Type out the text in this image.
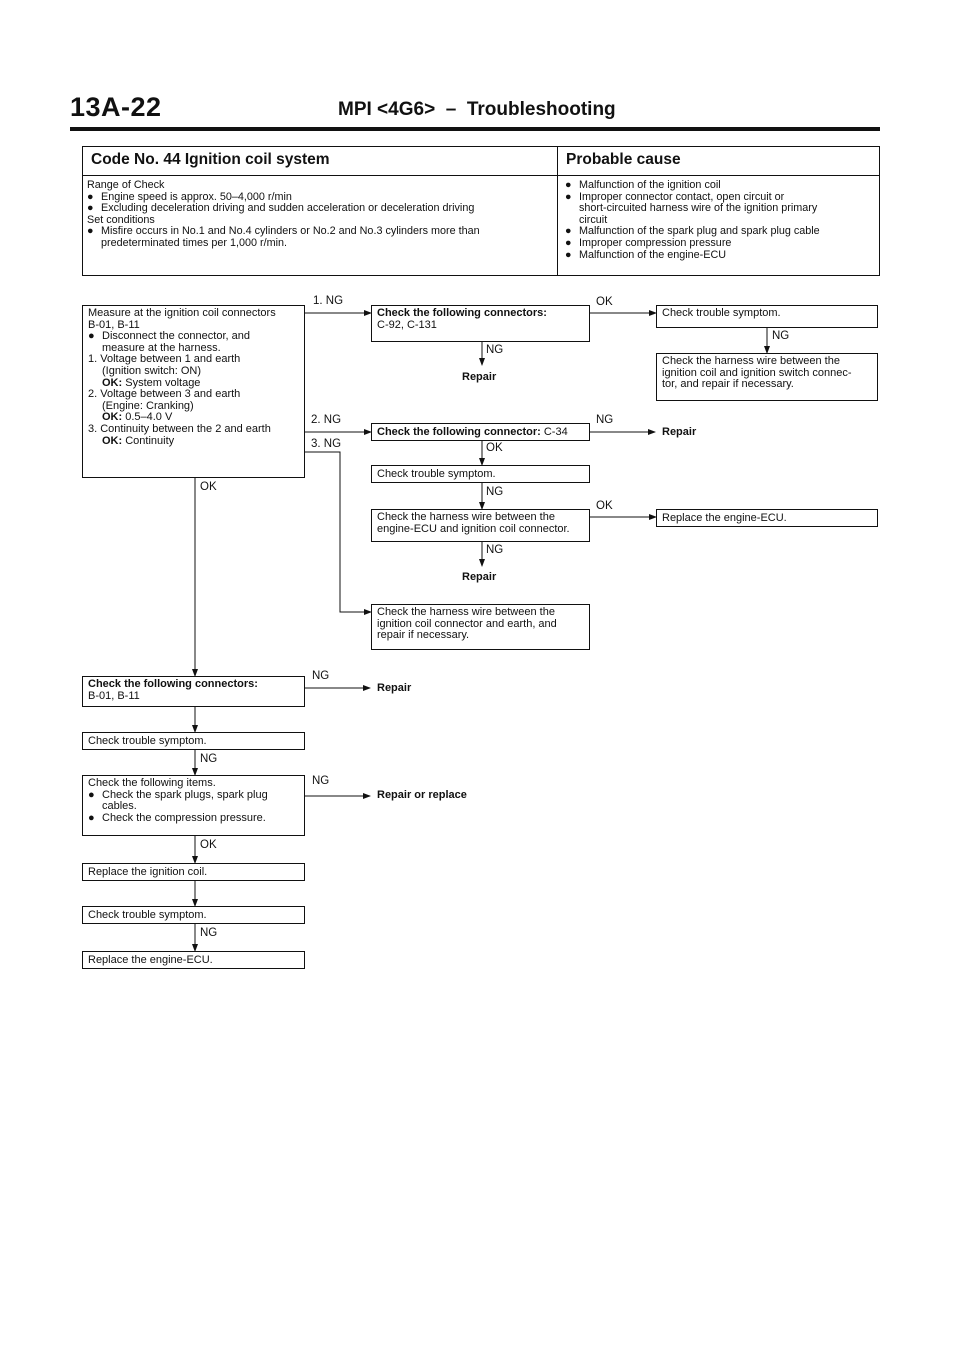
13A-22	MPI <4G6>  –  Troubleshooting
Code No. 44 Ignition coil system	Probable cause
Range of Check
● Engine speed is approx. 50–4,000 r/min
● Excluding deceleration driving and sudden acceleration or deceleration driving
Set conditions
● Misfire occurs in No.1 and No.4 cylinders or No.2 and No.3 cylinders more than
predeterminated times per 1,000 r/min.
● Malfunction of the ignition coil
● Improper connector contact, open circuit or
short-circuited harness wire of the ignition primary
circuit
● Malfunction of the spark plug and spark plug cable
● Improper compression pressure
● Malfunction of the engine-ECU
Measure at the ignition coil connectors
B-01, B-11
● Disconnect the connector, and
measure at the harness.
1. Voltage between 1 and earth
(Ignition switch: ON)
OK: System voltage
2. Voltage between 3 and earth
(Engine: Cranking)
OK: 0.5–4.0 V
3. Continuity between the 2 and earth
OK: Continuity
1. NG
2. NG
3. NG
OK
Check the following connectors:
C-92, C-131
OK
NG
Repair
Check trouble symptom.
NG
Check the harness wire between the
ignition coil and ignition switch connec-
tor, and repair if necessary.
Check the following connector: C-34
NG
Repair
OK
Check trouble symptom.
NG
Check the harness wire between the
engine-ECU and ignition coil connector.
OK
Replace the engine-ECU.
NG
Repair
Check the harness wire between the
ignition coil connector and earth, and
repair if necessary.
Check the following connectors:
B-01, B-11
NG
Repair
Check trouble symptom.
NG
Check the following items.
● Check the spark plugs, spark plug
cables.
● Check the compression pressure.
NG
Repair or replace
OK
Replace the ignition coil.
Check trouble symptom.
NG
Replace the engine-ECU.
